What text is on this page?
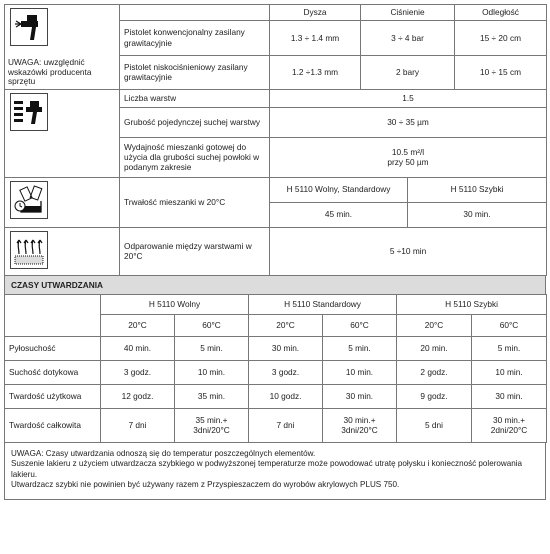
UWAGA: uwzględnić wskazówki producenta sprzętu		Dysza	Ciśnienie		Odległość
	Pistolet konwencjonalny zasilany grawitacyjnie	1.3 ÷ 1.4 mm	3 ÷ 4 bar		15 ÷ 20 cm

	Pistolet niskociśnieniowy zasilany grawitacyjnie	1.2 ÷1.3 mm	2 bary		10 ÷ 15 cm

	Liczba warstw	1.5			
	Grubość pojedynczej suchej warstwy	30 ÷ 35 µm			
	Wydajność mieszanki gotowej do użycia dla grubości suchej powłoki w podanym zakresie	10.5 m²/l
przy 50 µm			

	Trwałość mieszanki w 20°C	H 5110 Wolny, Standardowy		H 5110 Szybki	
		45 min.		30 min.	

	Odparowanie między warstwami w 20°C	5 ÷10 min			
CZASY UTWARDZANIA
	H 5110 Wolny		H 5110 Standardowy		H 5110 Szybki	
	20°C	60°C	20°C	60°C	20°C	60°C
Pyłosuchość	40 min.	5 min.	30 min.	5 min.	20 min.	5 min.
Suchość dotykowa	3 godz.	10 min.	3 godz.	10 min.	2 godz.	10 min.
Twardość użytkowa	12 godz.	35 min.	10 godz.	30 min.	9 godz.	30 min.
Twardość całkowita	7 dni	35 min.+ 3dni/20°C	7 dni	30 min.+ 3dni/20°C	5 dni	30 min.+ 2dni/20°C
UWAGA: Czasy utwardzania odnoszą się do temperatur poszczególnych elementów.
Suszenie lakieru z użyciem utwardzacza szybkiego w podwyższonej temperaturze może powodować utratę połysku i konieczność polerowania lakieru.
Utwardzacz szybki nie powinien być używany razem z Przyspieszaczem do wyrobów akrylowych PLUS 750.
